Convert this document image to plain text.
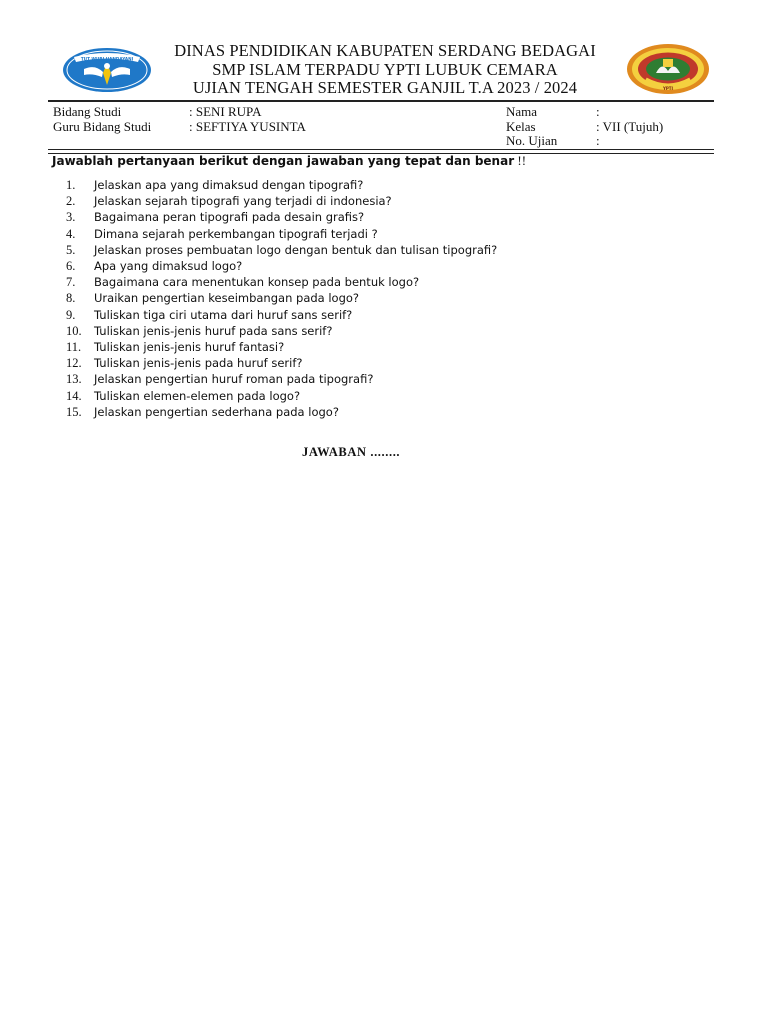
TUT WURI HANDAYANI	DINAS PENDIDIKAN KABUPATEN SERDANG BEDAGAI
SMP ISLAM TERPADU YPTI LUBUK CEMARA
UJIAN TENGAH SEMESTER GANJIL T.A 2023 / 2024	YPTI
Bidang Studi	: SENI RUPA
Guru Bidang Studi	: SEFTIYA YUSINTA
Nama	:
Kelas	: VII (Tujuh)
No. Ujian	:
Jawablah pertanyaan berikut dengan jawaban yang tepat dan benar !!
1.	Jelaskan apa yang dimaksud dengan tipografi?
2.	Jelaskan sejarah tipografi yang terjadi di indonesia?
3.	Bagaimana peran tipografi pada desain grafis?
4.	Dimana sejarah perkembangan tipografi terjadi ?
5.	Jelaskan proses pembuatan logo dengan bentuk dan tulisan tipografi?
6.	Apa yang dimaksud logo?
7.	Bagaimana cara menentukan konsep pada bentuk logo?
8.	Uraikan pengertian keseimbangan pada logo?
9.	Tuliskan tiga ciri utama dari huruf sans serif?
10.	Tuliskan jenis-jenis huruf pada sans serif?
11.	Tuliskan jenis-jenis huruf fantasi?
12.	Tuliskan jenis-jenis pada huruf serif?
13.	Jelaskan pengertian huruf roman pada tipografi?
14.	Tuliskan elemen-elemen pada logo?
15.	Jelaskan pengertian sederhana pada logo?
JAWABAN ........
